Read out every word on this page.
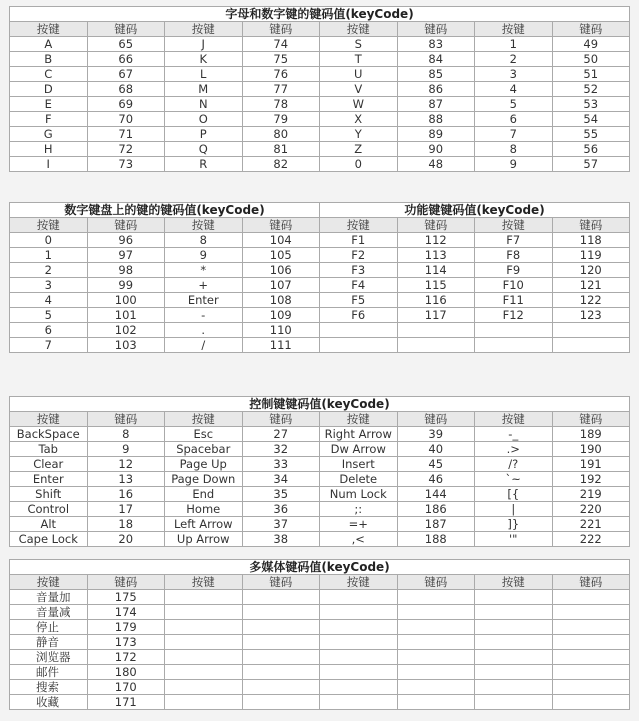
字母和数字键的键码值(keyCode)							
按键	键码	按键	键码	按键	键码	按键	键码
A	65	J	74	S	83	1	49
B	66	K	75	T	84	2	50
C	67	L	76	U	85	3	51
D	68	M	77	V	86	4	52
E	69	N	78	W	87	5	53
F	70	O	79	X	88	6	54
G	71	P	80	Y	89	7	55
H	72	Q	81	Z	90	8	56
I	73	R	82	0	48	9	57
数字键盘上的键的键码值(keyCode)				功能键键码值(keyCode)			
按键	键码	按键	键码	按键	键码	按键	键码
0	96	8	104	F1	112	F7	118
1	97	9	105	F2	113	F8	119
2	98	*	106	F3	114	F9	120
3	99	+	107	F4	115	F10	121
4	100	Enter	108	F5	116	F11	122
5	101	-	109	F6	117	F12	123
6	102	.	110				
7	103	/	111				
控制键键码值(keyCode)							
按键	键码	按键	键码	按键	键码	按键	键码
BackSpace	8	Esc	27	Right Arrow	39	-_	189
Tab	9	Spacebar	32	Dw Arrow	40	.>	190
Clear	12	Page Up	33	Insert	45	/?	191
Enter	13	Page Down	34	Delete	46	`~	192
Shift	16	End	35	Num Lock	144	[{	219
Control	17	Home	36	;:	186	|	220
Alt	18	Left Arrow	37	=+	187	]}	221
Cape Lock	20	Up Arrow	38	,<	188	'"	222
多媒体键码值(keyCode)							
按键	键码	按键	键码	按键	键码	按键	键码
音量加	175						
音量减	174						
停止	179						
静音	173						
浏览器	172						
邮件	180						
搜索	170						
收藏	171						
